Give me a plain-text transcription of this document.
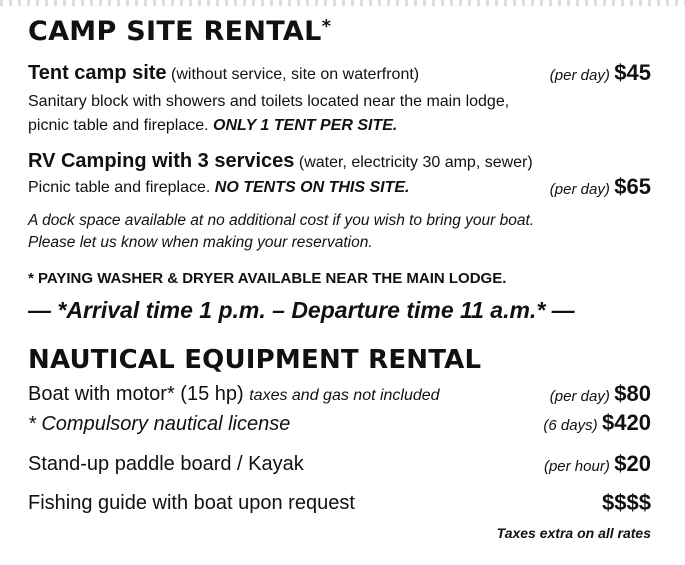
CAMP SITE RENTAL*
Tent camp site (without service, site on waterfront)	(per day) $45
Sanitary block with showers and toilets located near the main lodge,
picnic table and fireplace. ONLY 1 TENT PER SITE.
RV Camping with 3 services (water, electricity 30 amp, sewer)
Picnic table and fireplace. NO TENTS ON THIS SITE.	(per day) $65
A dock space available at no additional cost if you wish to bring your boat.
Please let us know when making your reservation.
* PAYING WASHER & DRYER AVAILABLE NEAR THE MAIN LODGE.
— *Arrival time 1 p.m. – Departure time 11 a.m.* —
NAUTICAL EQUIPMENT RENTAL
Boat with motor* (15 hp) taxes and gas not included	(per day) $80
* Compulsory nautical license	(6 days) $420
Stand-up paddle board / Kayak	(per hour) $20
Fishing guide with boat upon request	$$$$
Taxes extra on all rates
